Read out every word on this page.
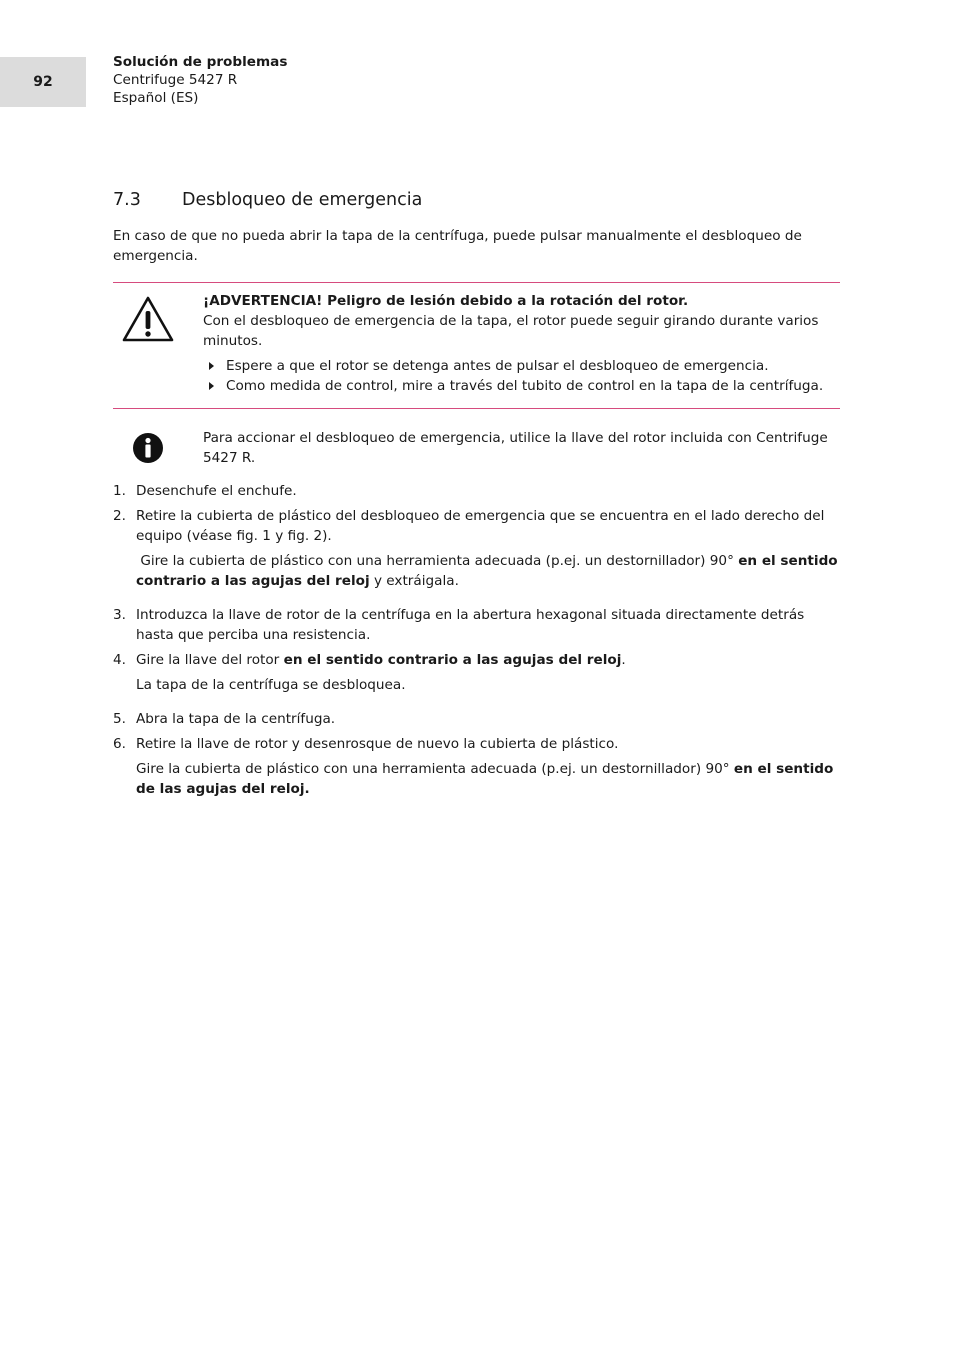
92
Solución de problemas
Centrifuge 5427 R
Español (ES)
7.3	Desbloqueo de emergencia

En caso de que no pueda abrir la tapa de la centrífuga, puede pulsar manualmente el desbloqueo de emergencia.

¡ADVERTENCIA! Peligro de lesión debido a la rotación del rotor.

Con el desbloqueo de emergencia de la tapa, el rotor puede seguir girando durante varios minutos.

Espere a que el rotor se detenga antes de pulsar el desbloqueo de emergencia.
Como medida de control, mire a través del tubito de control en la tapa de la centrífuga.

Para accionar el desbloqueo de emergencia, utilice la llave del rotor incluida con Centrifuge 5427 R.

1. Desenchufe el enchufe.

2. Retire la cubierta de plástico del desbloqueo de emergencia que se encuentra en el lado derecho del equipo (véase fig. 1 y fig. 2).

Gire la cubierta de plástico con una herramienta adecuada (p.ej. un destornillador) 90° en el sentido contrario a las agujas del reloj y extráigala.

3. Introduzca la llave de rotor de la centrífuga en la abertura hexagonal situada directamente detrás hasta que perciba una resistencia.

4. Gire la llave del rotor en el sentido contrario a las agujas del reloj.

La tapa de la centrífuga se desbloquea.

5. Abra la tapa de la centrífuga.

6. Retire la llave de rotor y desenrosque de nuevo la cubierta de plástico.

Gire la cubierta de plástico con una herramienta adecuada (p.ej. un destornillador) 90° en el sentido de las agujas del reloj.
